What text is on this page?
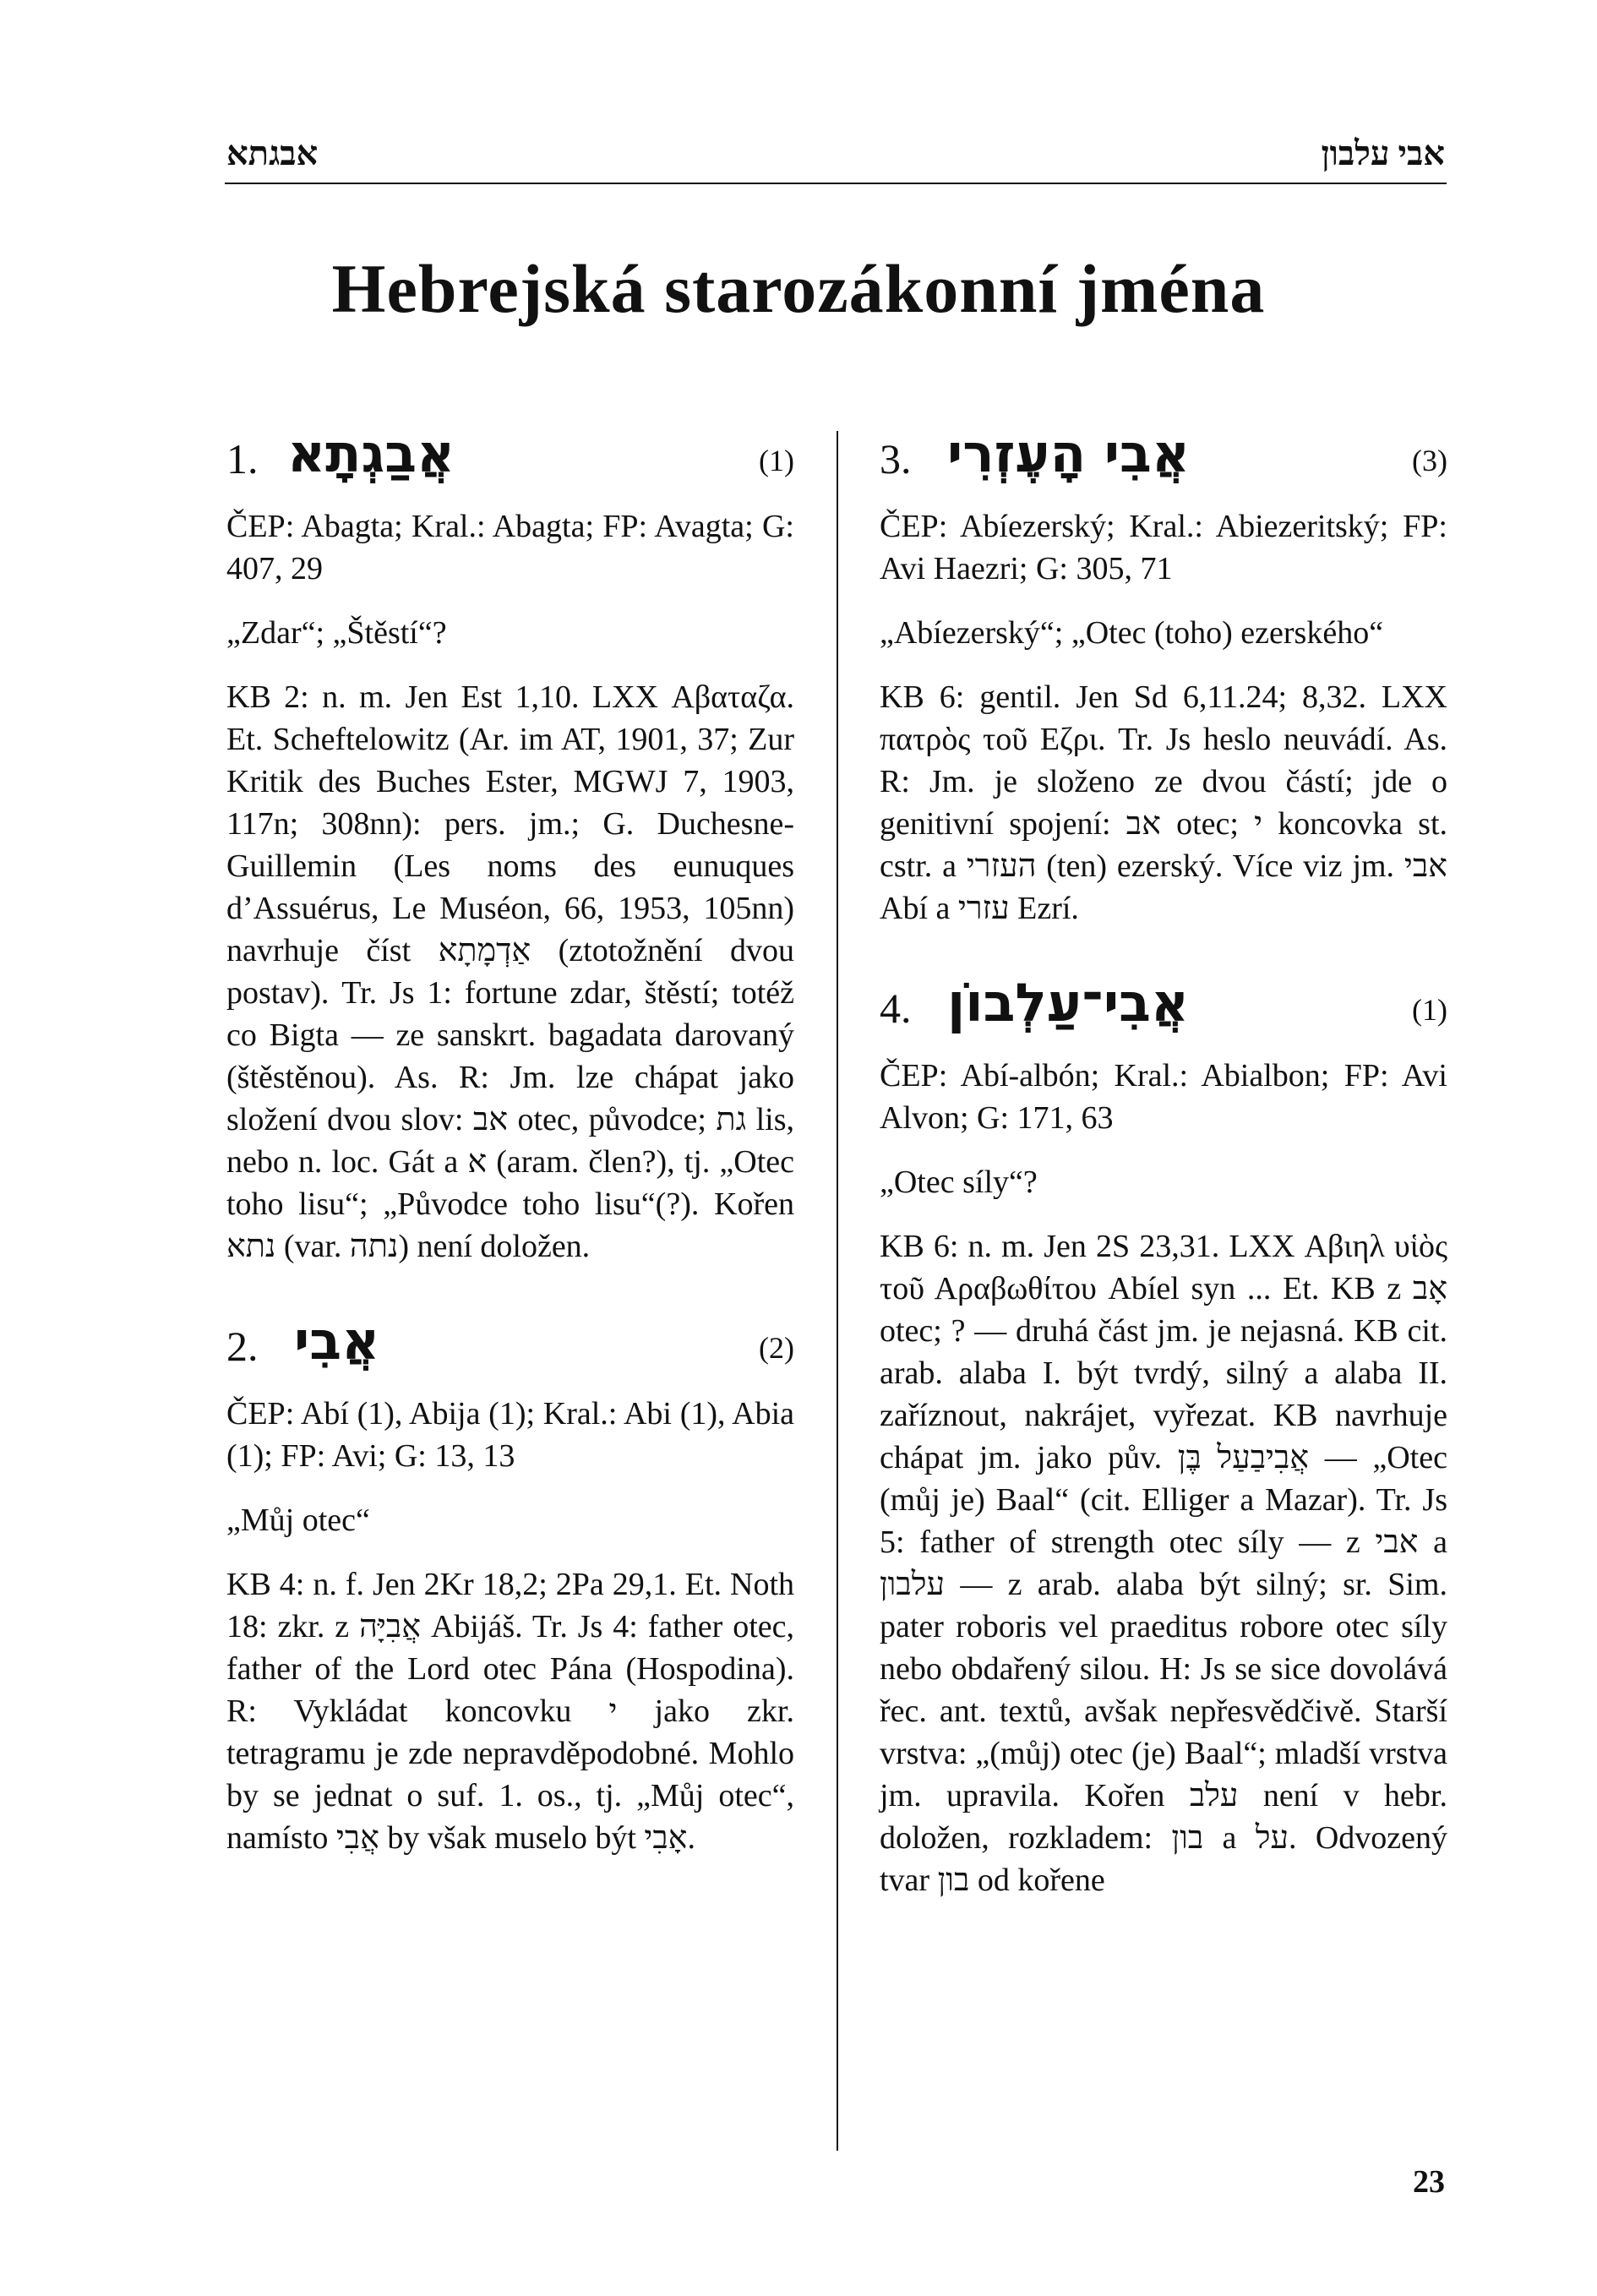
אבגתא	אבי עלבון
Hebrejská starozákonní jména
1. אֲבַגְתָא	(1)

ČEP: Abagta; Kral.: Abagta; FP: Avagta; G: 407, 29

„Zdar“; „Štěstí“?

KB 2: n. m. Jen Est 1,10. LXX Αβαταζα. Et. Scheftelowitz (Ar. im AT, 1901, 37; Zur Kritik des Buches Ester, MGWJ 7, 1903, 117n; 308nn): pers. jm.; G. Duchesne-Guillemin (Les noms des eunuques d’Assuérus, Le Muséon, 66, 1953, 105nn) navrhuje číst אַדְמָתָא (ztotožnění dvou postav). Tr. Js 1: fortune zdar, štěstí; totéž co Bigta — ze sanskrt. bagadata darovaný (štěstěnou). As. R: Jm. lze chápat jako složení dvou slov: אב otec, původce; גת lis, nebo n. loc. Gát a א (aram. člen?), tj. „Otec toho lisu“; „Původce toho lisu“(?). Kořen נתא (var. נתה) není doložen.

2. אֲבִי	(2)

ČEP: Abí (1), Abija (1); Kral.: Abi (1), Abia (1); FP: Avi; G: 13, 13

„Můj otec“

KB 4: n. f. Jen 2Kr 18,2; 2Pa 29,1. Et. Noth 18: zkr. z אֲבִיָּה Abijáš. Tr. Js 4: father otec, father of the Lord otec Pána (Hospodina). R: Vykládat koncovku י jako zkr. tetragramu je zde nepravděpodobné. Mohlo by se jednat o suf. 1. os., tj. „Můj otec“, namísto אֲבִי by však muselo být אָבִי.

3. אֲבִי הָעֶזְרִי	(3)

ČEP: Abíezerský; Kral.: Abiezeritský; FP: Avi Haezri; G: 305, 71

„Abíezerský“; „Otec (toho) ezerského“

KB 6: gentil. Jen Sd 6,11.24; 8,32. LXX πατρὸς τοῦ Εζρι. Tr. Js heslo neuvádí. As. R: Jm. je složeno ze dvou částí; jde o genitivní spojení: אב otec; י koncovka st. cstr. a העזרי (ten) ezerský. Více viz jm. אבי Abí a עזרי Ezrí.

4. אֲבִי־עַלְבוֹן	(1)

ČEP: Abí-albón; Kral.: Abialbon; FP: Avi Alvon; G: 171, 63

„Otec síly“?

KB 6: n. m. Jen 2S 23,31. LXX Αβιηλ υἱὸς τοῦ Αραβωθίτου Abíel syn ... Et. KB z אָב otec; ? — druhá část jm. je nejasná. KB cit. arab. alaba I. být tvrdý, silný a alaba II. zaříznout, nakrájet, vyřezat. KB navrhuje chápat jm. jako pův. אֲבִיבַעַל בֶּן — „Otec (můj je) Baal“ (cit. Elliger a Mazar). Tr. Js 5: father of strength otec síly — z אבי a עלבון — z arab. alaba být silný; sr. Sim. pater roboris vel praeditus robore otec síly nebo obdařený silou. H: Js se sice dovolává řec. ant. textů, avšak nepřesvědčivě. Starší vrstva: „(můj) otec (je) Baal“; mladší vrstva jm. upravila. Kořen עלב není v hebr. doložen, rozkladem: בון a על. Odvozený tvar בון od kořene

23
